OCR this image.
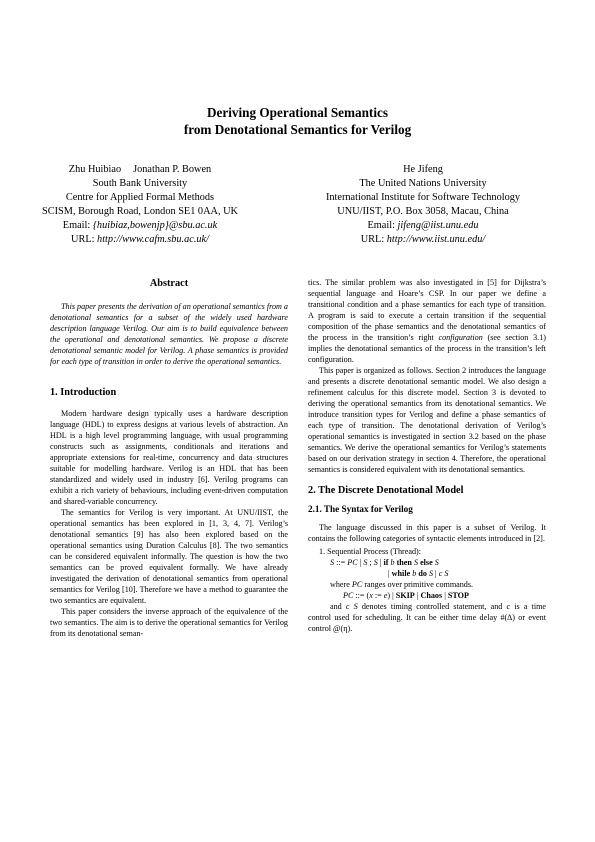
Deriving Operational Semantics
from Denotational Semantics for Verilog
Zhu Huibiao Jonathan P. Bowen
South Bank University
Centre for Applied Formal Methods
SCISM, Borough Road, London SE1 0AA, UK
Email: {huibiaz,bowenjp}@sbu.ac.uk
URL: http://www.cafm.sbu.ac.uk/
He Jifeng
The United Nations University
International Institute for Software Technology
UNU/IIST, P.O. Box 3058, Macau, China
Email: jifeng@iist.unu.edu
URL: http://www.iist.unu.edu/
Abstract

This paper presents the derivation of an operational semantics from a denotational semantics for a subset of the widely used hardware description language Verilog. Our aim is to build equivalence between the operational and denotational semantics. We propose a discrete denotational semantic model for Verilog. A phase semantics is provided for each type of transition in order to derive the operational semantics.

1. Introduction

Modern hardware design typically uses a hardware description language (HDL) to express designs at various levels of abstraction. An HDL is a high level programming language, with usual programming constructs such as assignments, conditionals and iterations and appropriate extensions for real-time, concurrency and data structures suitable for modelling hardware. Verilog is an HDL that has been standardized and widely used in industry [6]. Verilog programs can exhibit a rich variety of behaviours, including event-driven computation and shared-variable concurrency.

The semantics for Verilog is very important. At UNU/IIST, the operational semantics has been explored in [1, 3, 4, 7]. Verilog’s denotational semantics [9] has also been explored based on the operational semantics using Duration Calculus [8]. The two semantics can be considered equivalent informally. The question is how the two semantics can be proved equivalent formally. We have already investigated the derivation of denotational semantics from operational semantics for Verilog [10]. Therefore we have a method to guarantee the two semantics are equivalent.

This paper considers the inverse approach of the equivalence of the two semantics. The aim is to derive the operational semantics for Verilog from its denotational seman-

tics. The similar problem was also investigated in [5] for Dijkstra’s sequential language and Hoare’s CSP. In our paper we define a transitional condition and a phase semantics for each type of transition. A program is said to execute a certain transition if the sequential composition of the phase semantics and the denotational semantics of the process in the transition’s right configuration (see section 3.1) implies the denotational semantics of the process in the transition’s left configuration.

This paper is organized as follows. Section 2 introduces the language and presents a discrete denotational semantic model. We also design a refinement calculus for this discrete model. Section 3 is devoted to deriving the operational semantics from its denotational semantics. We introduce transition types for Verilog and define a phase semantics of each type of transition. The denotational derivation of Verilog’s operational semantics is investigated in section 3.2 based on the phase semantics. We derive the operational semantics for Verilog’s statements based on our derivation strategy in section 4. Therefore, the operational semantics is considered equivalent with its denotational semantics.

2. The Discrete Denotational Model
2.1. The Syntax for Verilog

The language discussed in this paper is a subset of Verilog. It contains the following categories of syntactic elements introduced in [2].

1. Sequential Process (Thread):
S ::= PC | S ; S | if b then S else S
| while b do S | c S
where PC ranges over primitive commands.
PC ::= (x := e) | SKIP | Chaos | STOP

and c S denotes timing controlled statement, and c is a time control used for scheduling. It can be either time delay #(∆) or event control @(η).
